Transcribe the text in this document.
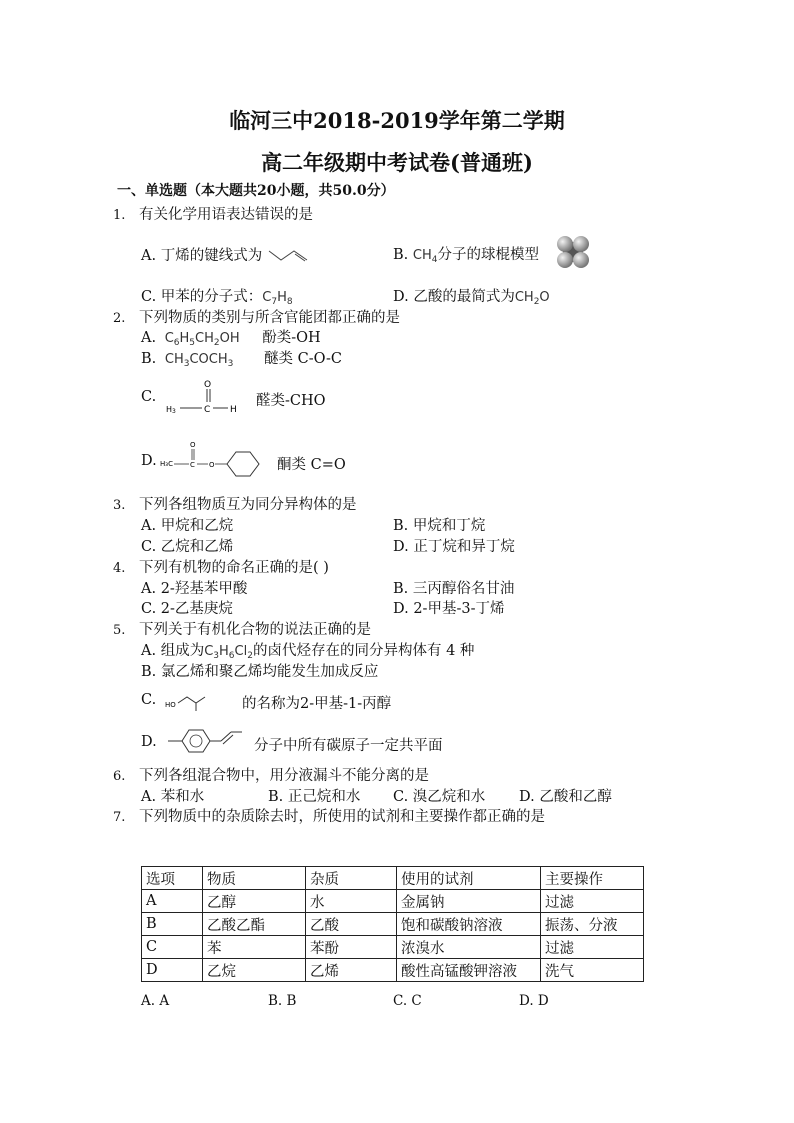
临河三中2018-2019学年第二学期
高二年级期中考试卷(普通班)
一、单选题（本大题共20小题，共50.0分）
1. 有关化学用语表达错误的是
A. 丁烯的键线式为	B. $CH_4$分子的球棍模型
C. 甲苯的分子式：$C_7H_8$	D. 乙酸的最简式为$CH_2O$
2. 下列物质的类别与所含官能团都正确的是
A. $C_6H_5CH_2OH$ 酚类-OH
B. $CH_3COCH_3$ 醚类 C-O-C
C.
O
H3	C H
醛类-CHO
D. H₃C C
O
O	酮类 C=O
3. 下列各组物质互为同分异构体的是
A. 甲烷和乙烷	B. 甲烷和丁烷
C. 乙烷和乙烯	D. 正丁烷和异丁烷
4. 下列有机物的命名正确的是( )
A. 2-羟基苯甲酸	B. 三丙醇俗名甘油
C. 2-乙基庚烷	D. 2-甲基-3-丁烯
5. 下列关于有机化合物的说法正确的是
A. 组成为$C_3H_6Cl_2$的卤代烃存在的同分异构体有 4 种
B. 氯乙烯和聚乙烯均能发生加成反应
C. HO	的名称为2-甲基-1-丙醇
D.	分子中所有碳原子一定共平面
6. 下列各组混合物中，用分液漏斗不能分离的是
A. 苯和水	B. 正己烷和水 C. 溴乙烷和水 D. 乙酸和乙醇
7. 下列物质中的杂质除去时，所使用的试剂和主要操作都正确的是
选项	物质	杂质	使用的试剂	主要操作
A	乙醇	水	金属钠	过滤
B	乙酸乙酯	乙酸	饱和碳酸钠溶液	振荡、分液
C	苯	苯酚	浓溴水	过滤
D	乙烷	乙烯	酸性高锰酸钾溶液	洗气
A. A	B. B	C. C	D. D
